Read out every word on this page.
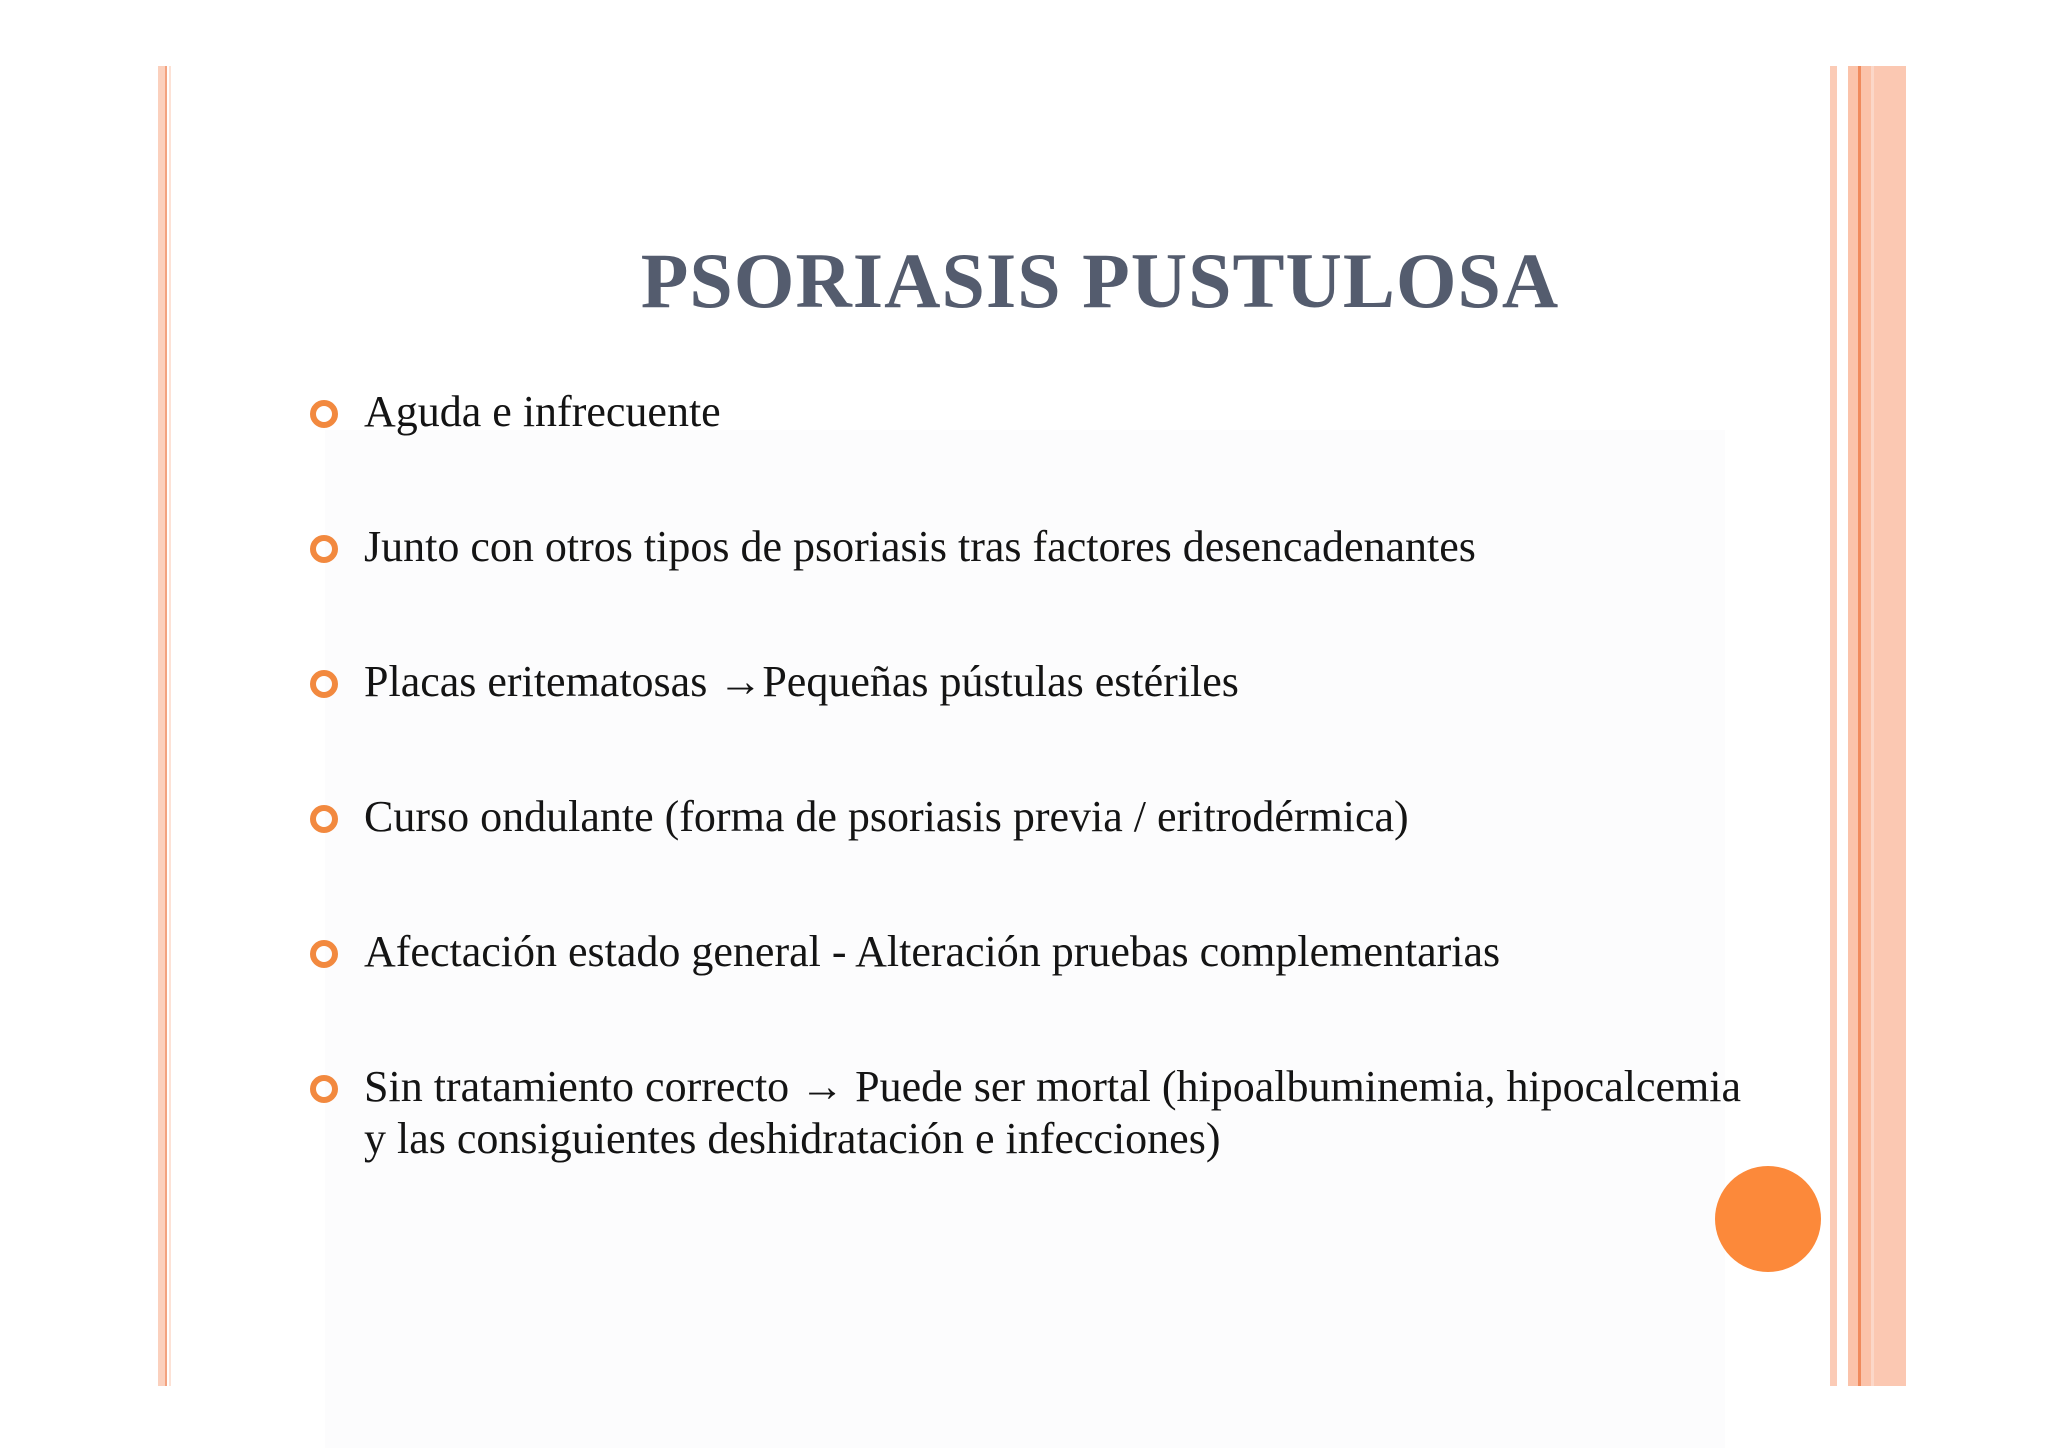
PSORIASIS PUSTULOSA
Aguda e infrecuente
Junto con otros tipos de psoriasis tras factores desencadenantes
Placas eritematosas →Pequeñas pústulas estériles
Curso ondulante (forma de psoriasis previa / eritrodérmica)
Afectación estado general - Alteración pruebas complementarias
Sin tratamiento correcto → Puede ser mortal (hipoalbuminemia, hipocalcemia y las consiguientes deshidratación e infecciones)
